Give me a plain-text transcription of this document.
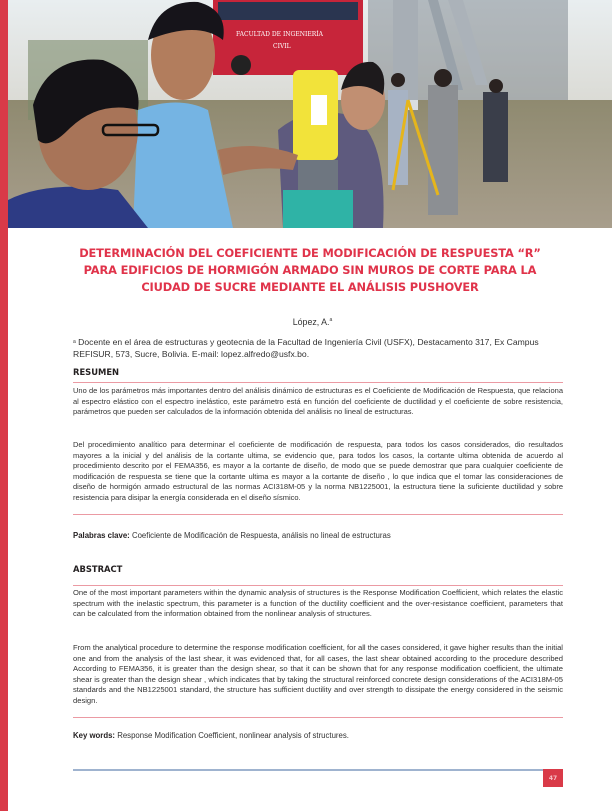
FACULTAD DE INGENIERÍA
CIVIL
DETERMINACIÓN DEL COEFICIENTE DE MODIFICACIÓN DE RESPUESTA “R”
PARA EDIFICIOS DE HORMIGÓN ARMADO SIN MUROS DE CORTE PARA LA
CIUDAD DE SUCRE MEDIANTE EL ANÁLISIS PUSHOVER
López, A.$^a$
$^a$ Docente en el área de estructuras y geotecnia de la Facultad de Ingeniería Civil (USFX), Destacamento 317, Ex Campus REFISUR, 573, Sucre, Bolivia. E-mail: lopez.alfredo@usfx.bo.
RESUMEN
Uno de los parámetros más importantes dentro del análisis dinámico de estructuras es el Coeficiente de Modificación de Respuesta, que relaciona al espectro elástico con el espectro inelástico, este parámetro está en función del coeficiente de ductilidad y el coeficiente de sobre resistencia, parámetros que pueden ser calculados de la información obtenida del análisis no lineal de estructuras.
Del procedimiento analítico para determinar el coeficiente de modificación de respuesta, para todos los casos considerados, dio resultados mayores a la inicial y del análisis de la cortante ultima, se evidencio que, para todos los casos, la cortante ultima obtenida de acuerdo al procedimiento descrito por el FEMA356, es mayor a la cortante de diseño, de modo que se puede demostrar que para cualquier coeficiente de modificación de respuesta se tiene que la cortante ultima es mayor a la cortante de diseño , lo que indica que el tomar las consideraciones de diseño de hormigón armado estructural de las normas ACI318M-05 y la norma NB1225001, la estructura tiene la suficiente ductilidad y sobre resistencia para disipar la energía considerada en el diseño sísmico.
Palabras clave: Coeficiente de Modificación de Respuesta, análisis no lineal de estructuras
ABSTRACT
One of the most important parameters within the dynamic analysis of structures is the Response Modification Coefficient, which relates the elastic spectrum with the inelastic spectrum, this parameter is a function of the ductility coefficient and the over-resistance coefficient, parameters that can be calculated from the information obtained from the nonlinear analysis of structures.
From the analytical procedure to determine the response modification coefficient, for all the cases considered, it gave higher results than the initial one and from the analysis of the last shear, it was evidenced that, for all cases, the last shear obtained according to the procedure described According to FEMA356, it is greater than the design shear, so that it can be shown that for any response modification coefficient, the ultimate shear is greater than the design shear , which indicates that by taking the structural reinforced concrete design considerations of the ACI318M-05 standards and the NB1225001 standard, the structure has sufficient ductility and over strength to dissipate the energy considered in the seismic design.
Key words: Response Modification Coefficient, nonlinear analysis of structures.
47
